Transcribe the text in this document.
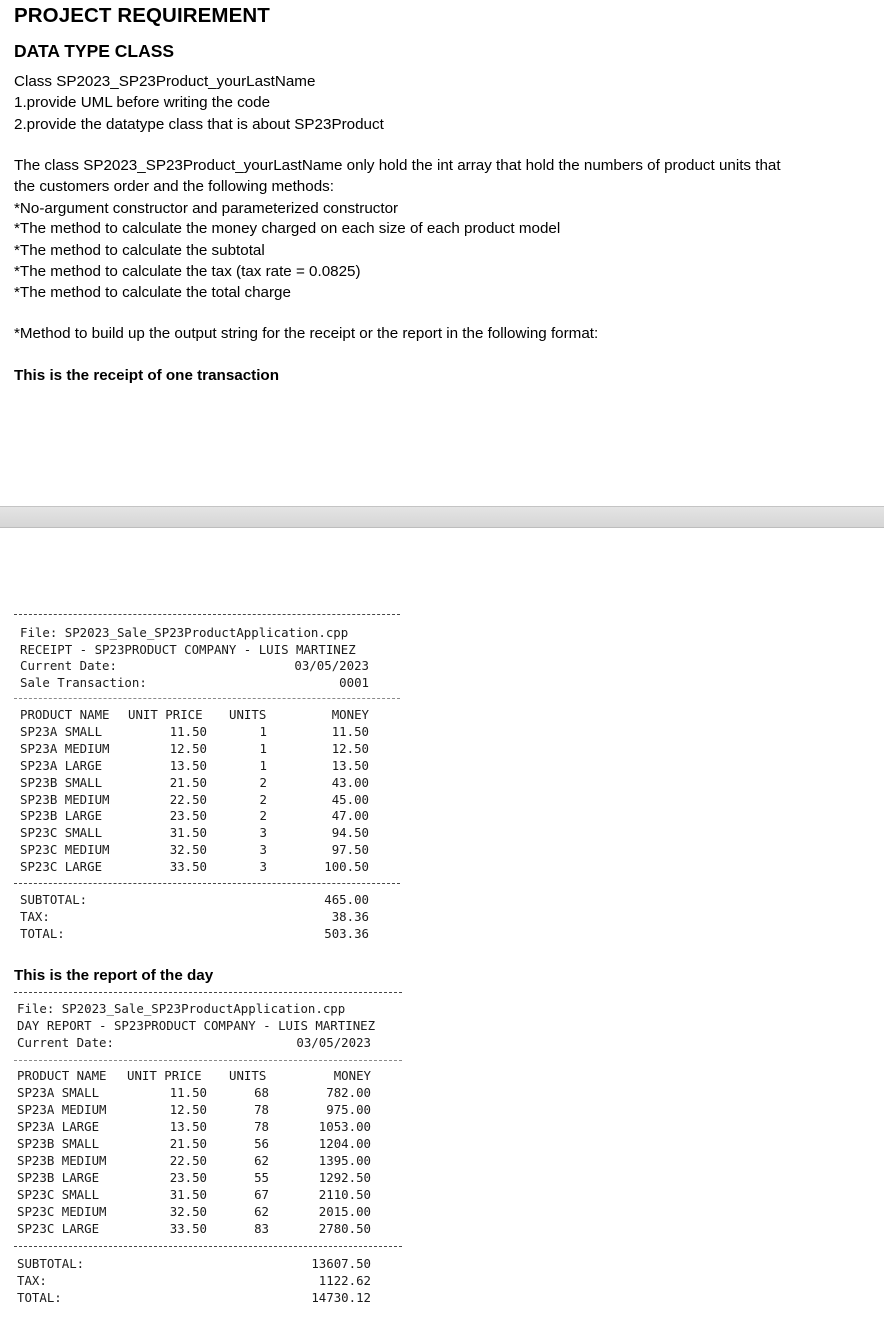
PROJECT REQUIREMENT
DATA TYPE CLASS
Class SP2023_SP23Product_yourLastName
1.provide UML before writing the code
2.provide the datatype class that is about SP23Product
The class SP2023_SP23Product_yourLastName only hold the int array that hold the numbers of product units that
the customers order and the following methods:
*No-argument constructor and parameterized constructor
*The method to calculate the money charged on each size of each product model
*The method to calculate the subtotal
*The method to calculate the tax (tax rate = 0.0825)
*The method to calculate the total charge
*Method to build up the output string for the receipt or the report in the following format:
This is the receipt of one transaction
File: SP2023_Sale_SP23ProductApplication.cpp
RECEIPT - SP23PRODUCT COMPANY - LUIS MARTINEZ
Current Date:	03/05/2023
Sale Transaction:	0001
PRODUCT NAME	UNIT PRICE	UNITS	MONEY
SP23A SMALL	11.50	1	11.50
SP23A MEDIUM	12.50	1	12.50
SP23A LARGE	13.50	1	13.50
SP23B SMALL	21.50	2	43.00
SP23B MEDIUM	22.50	2	45.00
SP23B LARGE	23.50	2	47.00
SP23C SMALL	31.50	3	94.50
SP23C MEDIUM	32.50	3	97.50
SP23C LARGE	33.50	3	100.50
SUBTOTAL:	465.00
TAX:	38.36
TOTAL:	503.36
This is the report of the day
File: SP2023_Sale_SP23ProductApplication.cpp
DAY REPORT - SP23PRODUCT COMPANY - LUIS MARTINEZ
Current Date:	03/05/2023
PRODUCT NAME	UNIT PRICE	UNITS	MONEY
SP23A SMALL	11.50	68	782.00
SP23A MEDIUM	12.50	78	975.00
SP23A LARGE	13.50	78	1053.00
SP23B SMALL	21.50	56	1204.00
SP23B MEDIUM	22.50	62	1395.00
SP23B LARGE	23.50	55	1292.50
SP23C SMALL	31.50	67	2110.50
SP23C MEDIUM	32.50	62	2015.00
SP23C LARGE	33.50	83	2780.50
SUBTOTAL:	13607.50
TAX:	1122.62
TOTAL:	14730.12
